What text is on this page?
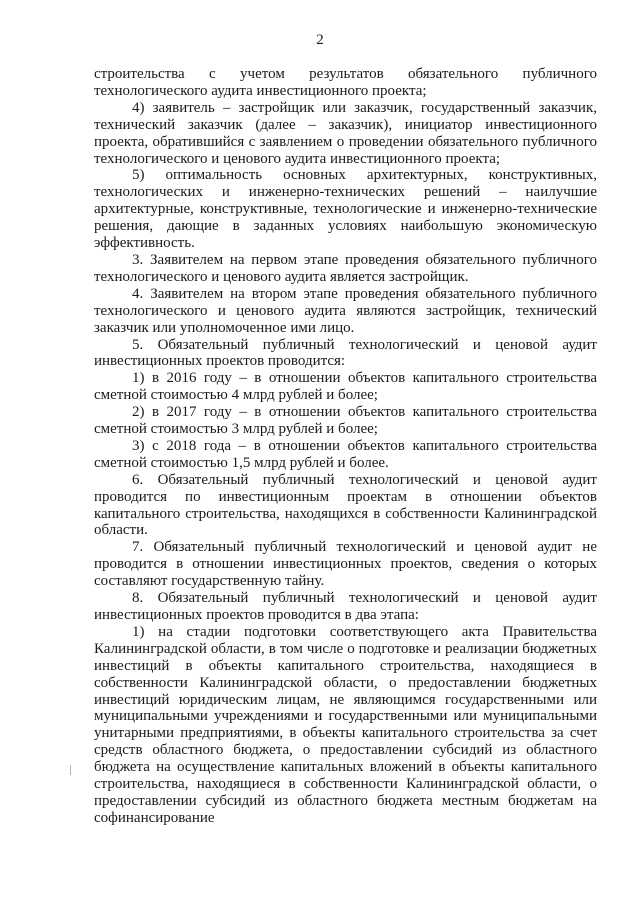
2

строительства с учетом результатов обязательного публичного технологического аудита инвестиционного проекта;

4) заявитель – застройщик или заказчик, государственный заказчик, технический заказчик (далее – заказчик), инициатор инвестиционного проекта, обратившийся с заявлением о проведении обязательного публичного технологического и ценового аудита инвестиционного проекта;

5) оптимальность основных архитектурных, конструктивных, технологических и инженерно-технических решений – наилучшие архитектурные, конструктивные, технологические и инженерно-технические решения, дающие в заданных условиях наибольшую экономическую эффективность.

3. Заявителем на первом этапе проведения обязательного публичного технологического и ценового аудита является застройщик.

4. Заявителем на втором этапе проведения обязательного публичного технологического и ценового аудита являются застройщик, технический заказчик или уполномоченное ими лицо.

5. Обязательный публичный технологический и ценовой аудит инвестиционных проектов проводится:

1) в 2016 году – в отношении объектов капитального строительства сметной стоимостью 4 млрд рублей и более;

2) в 2017 году – в отношении объектов капитального строительства сметной стоимостью 3 млрд рублей и более;

3) с 2018 года – в отношении объектов капитального строительства сметной стоимостью 1,5 млрд рублей и более.

6. Обязательный публичный технологический и ценовой аудит проводится по инвестиционным проектам в отношении объектов капитального строительства, находящихся в собственности Калининградской области.

7. Обязательный публичный технологический и ценовой аудит не проводится в отношении инвестиционных проектов, сведения о которых составляют государственную тайну.

8. Обязательный публичный технологический и ценовой аудит инвестиционных проектов проводится в два этапа:

1) на стадии подготовки соответствующего акта Правительства Калининградской области, в том числе о подготовке и реализации бюджетных инвестиций в объекты капитального строительства, находящиеся в собственности Калининградской области, о предоставлении бюджетных инвестиций юридическим лицам, не являющимся государственными или муниципальными учреждениями и государственными или муниципальными унитарными предприятиями, в объекты капитального строительства за счет средств областного бюджета, о предоставлении субсидий из областного бюджета на осуществление капитальных вложений в объекты капитального строительства, находящиеся в собственности Калининградской области, о предоставлении субсидий из областного бюджета местным бюджетам на софинансирование
